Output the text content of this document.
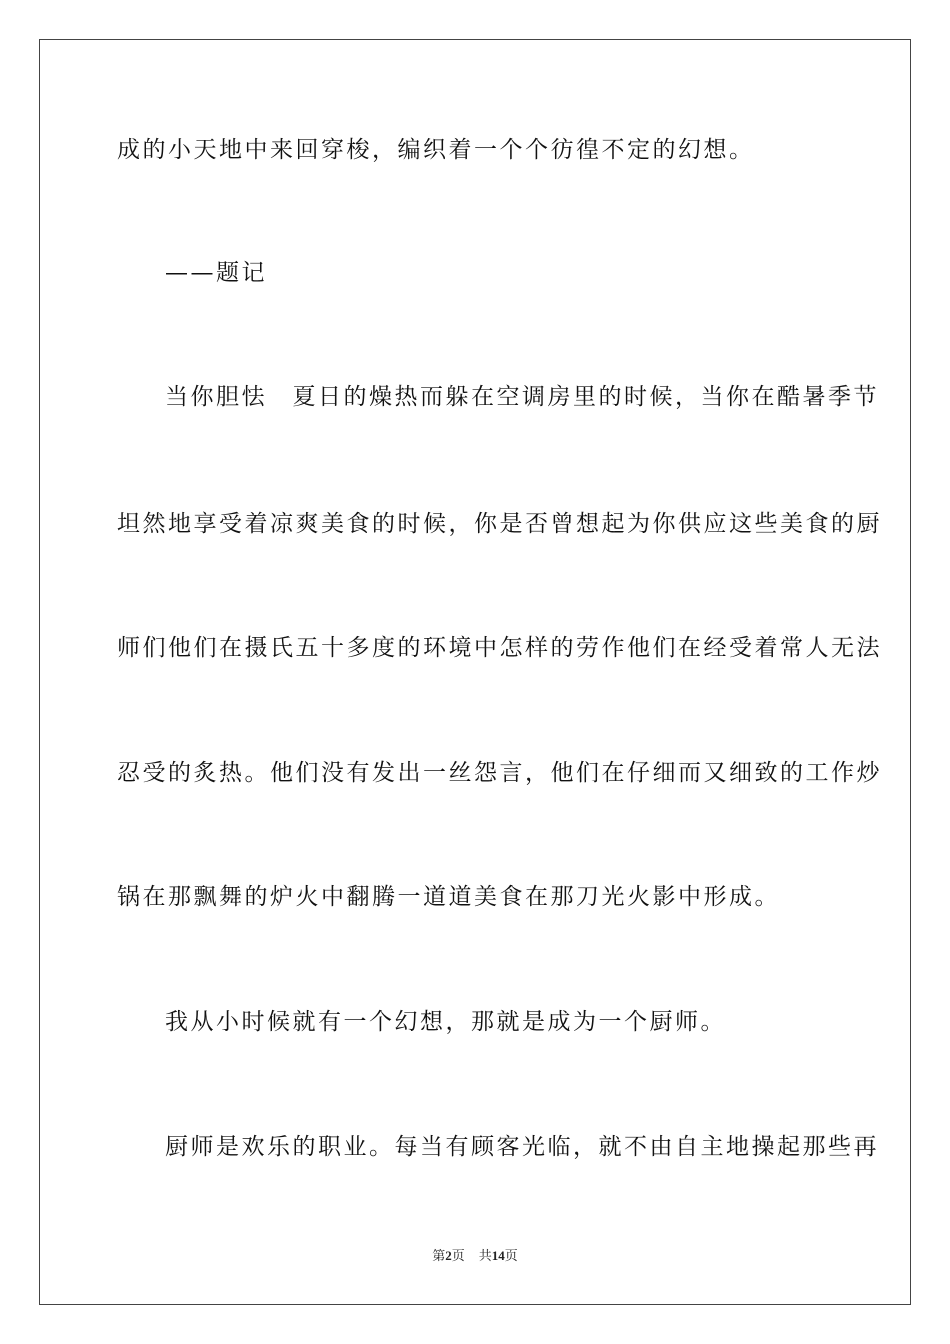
成的小天地中来回穿梭，编织着一个个彷徨不定的幻想。
——题记
当你胆怯　夏日的燥热而躲在空调房里的时候，当你在酷暑季节
坦然地享受着凉爽美食的时候，你是否曾想起为你供应这些美食的厨
师们他们在摄氏五十多度的环境中怎样的劳作他们在经受着常人无法
忍受的炙热。他们没有发出一丝怨言，他们在仔细而又细致的工作炒
锅在那飘舞的炉火中翻腾一道道美食在那刀光火影中形成。
我从小时候就有一个幻想，那就是成为一个厨师。
厨师是欢乐的职业。每当有顾客光临，就不由自主地操起那些再
第2页 共14页
